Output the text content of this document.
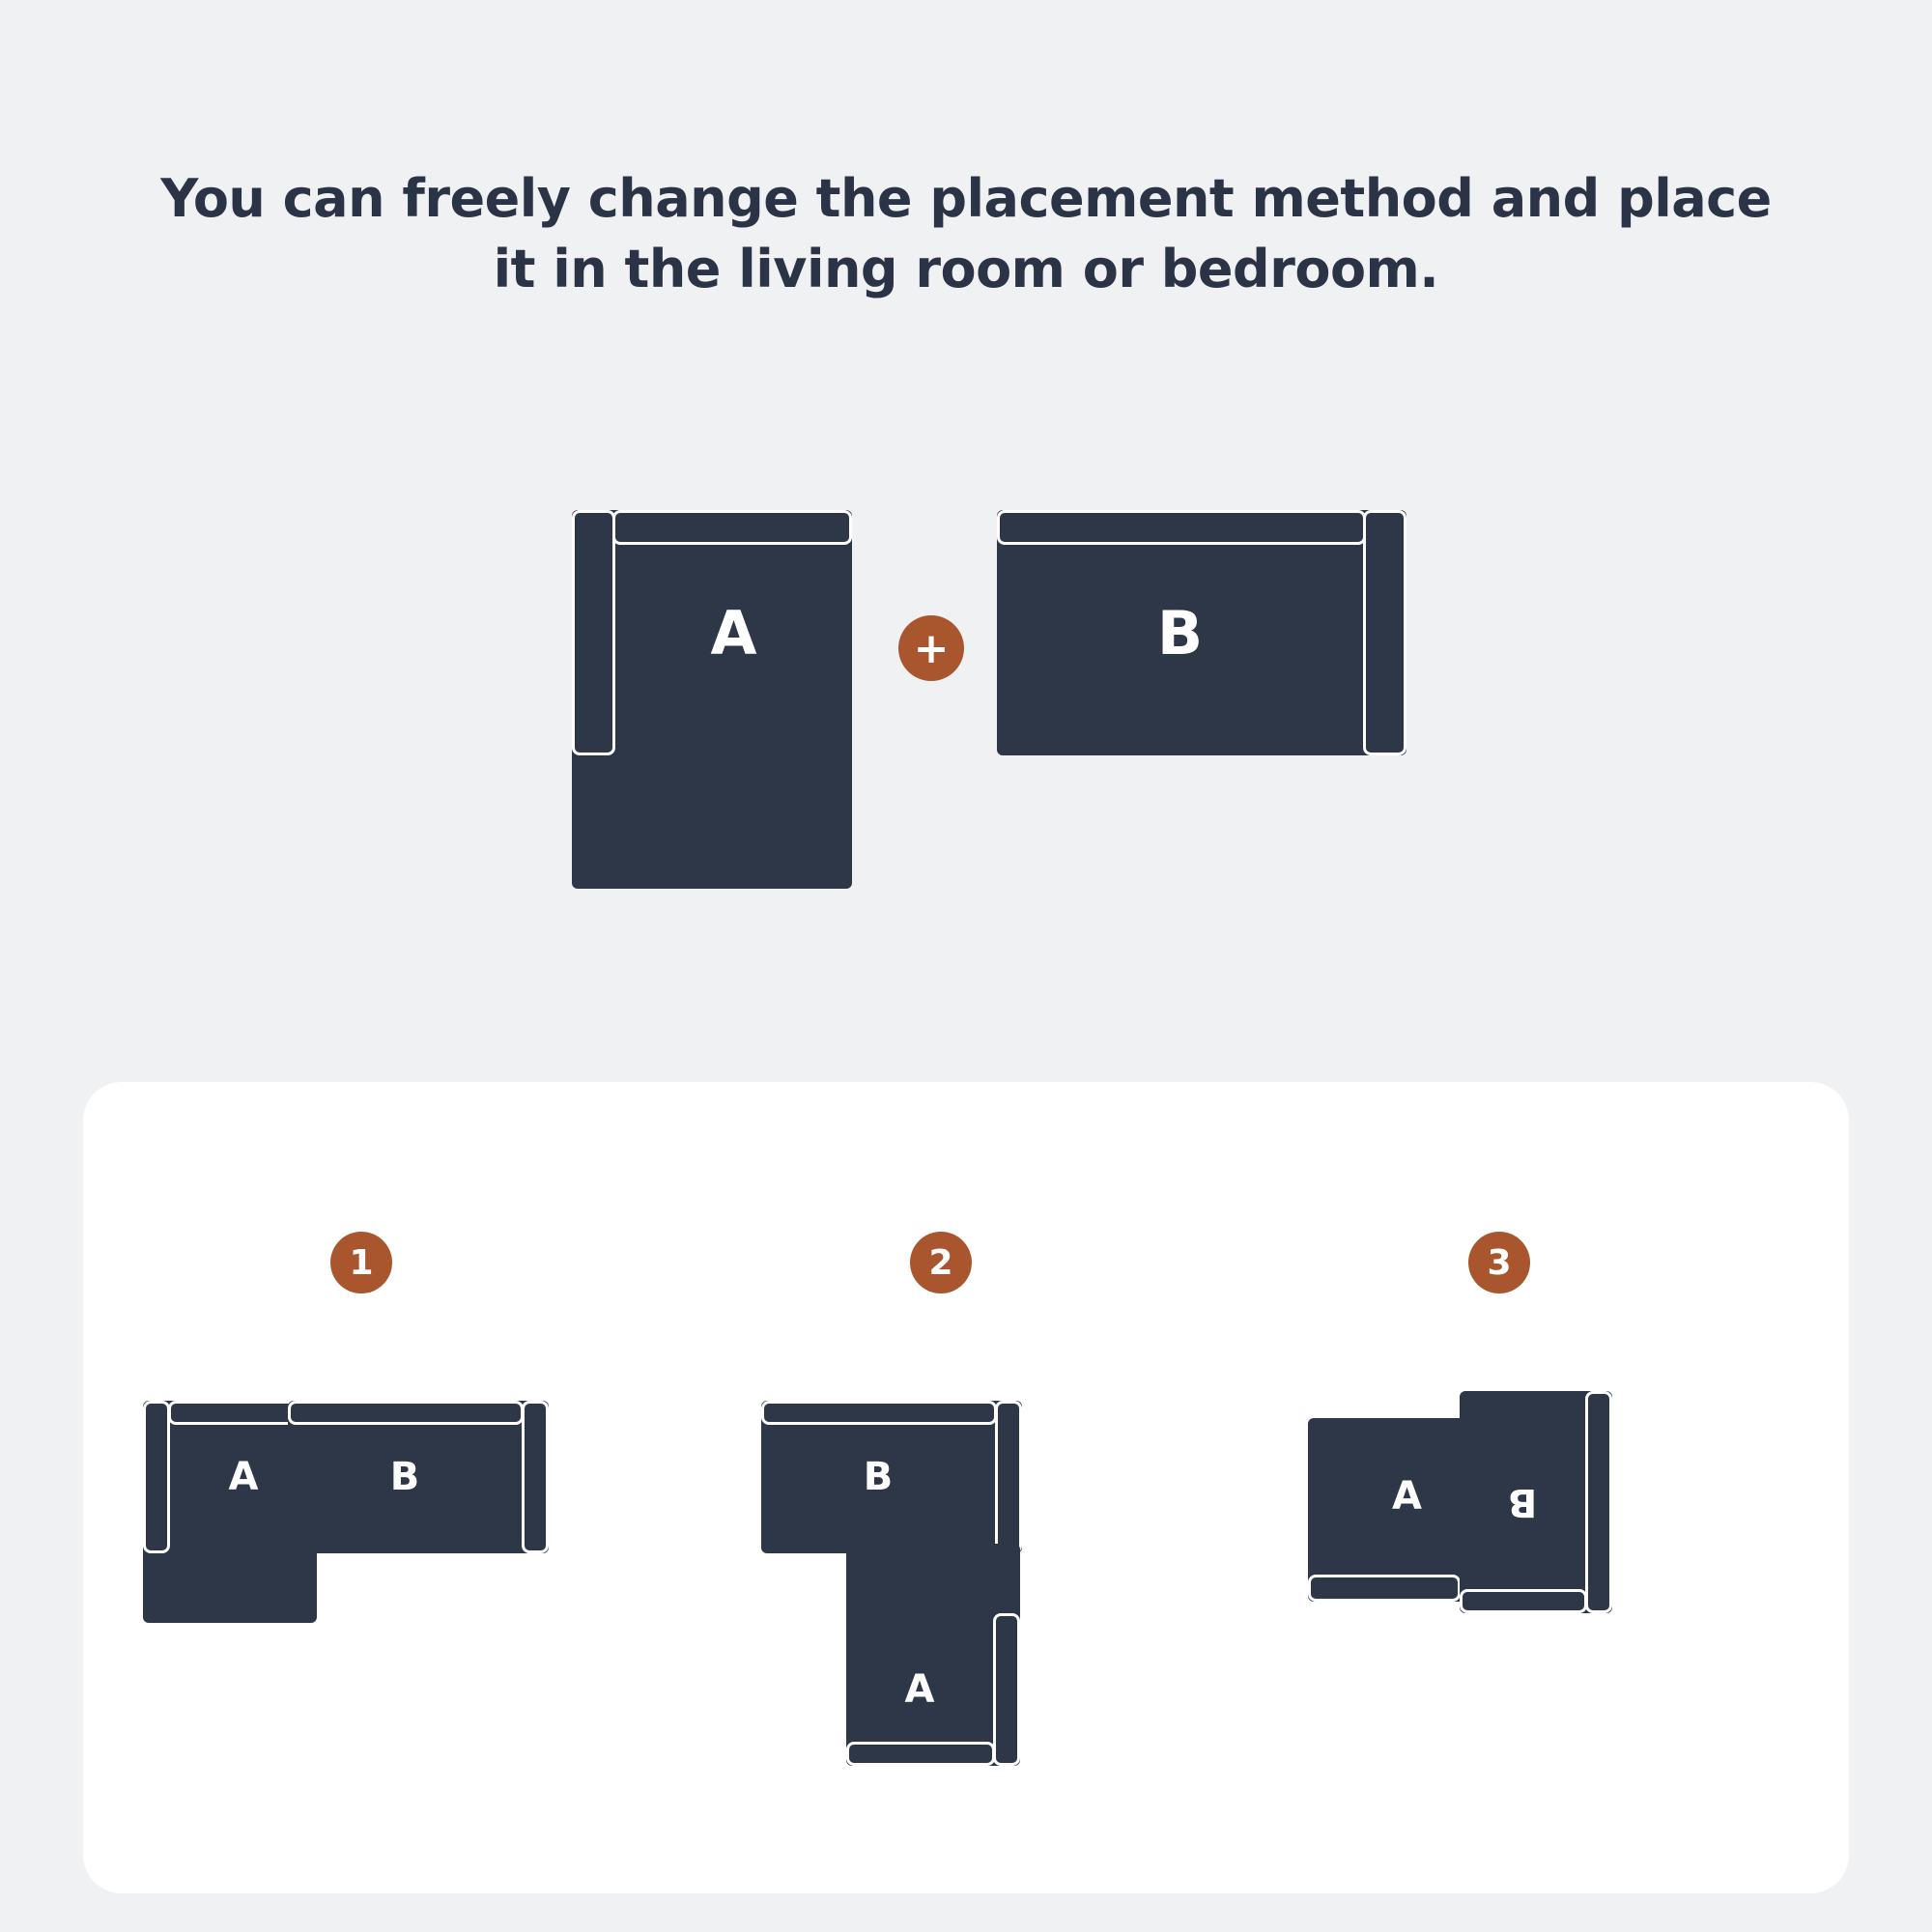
You can freely change the placement method and place
it in the living room or bedroom.
A	+	B
1
A	B
2
B
A
3
A	B
